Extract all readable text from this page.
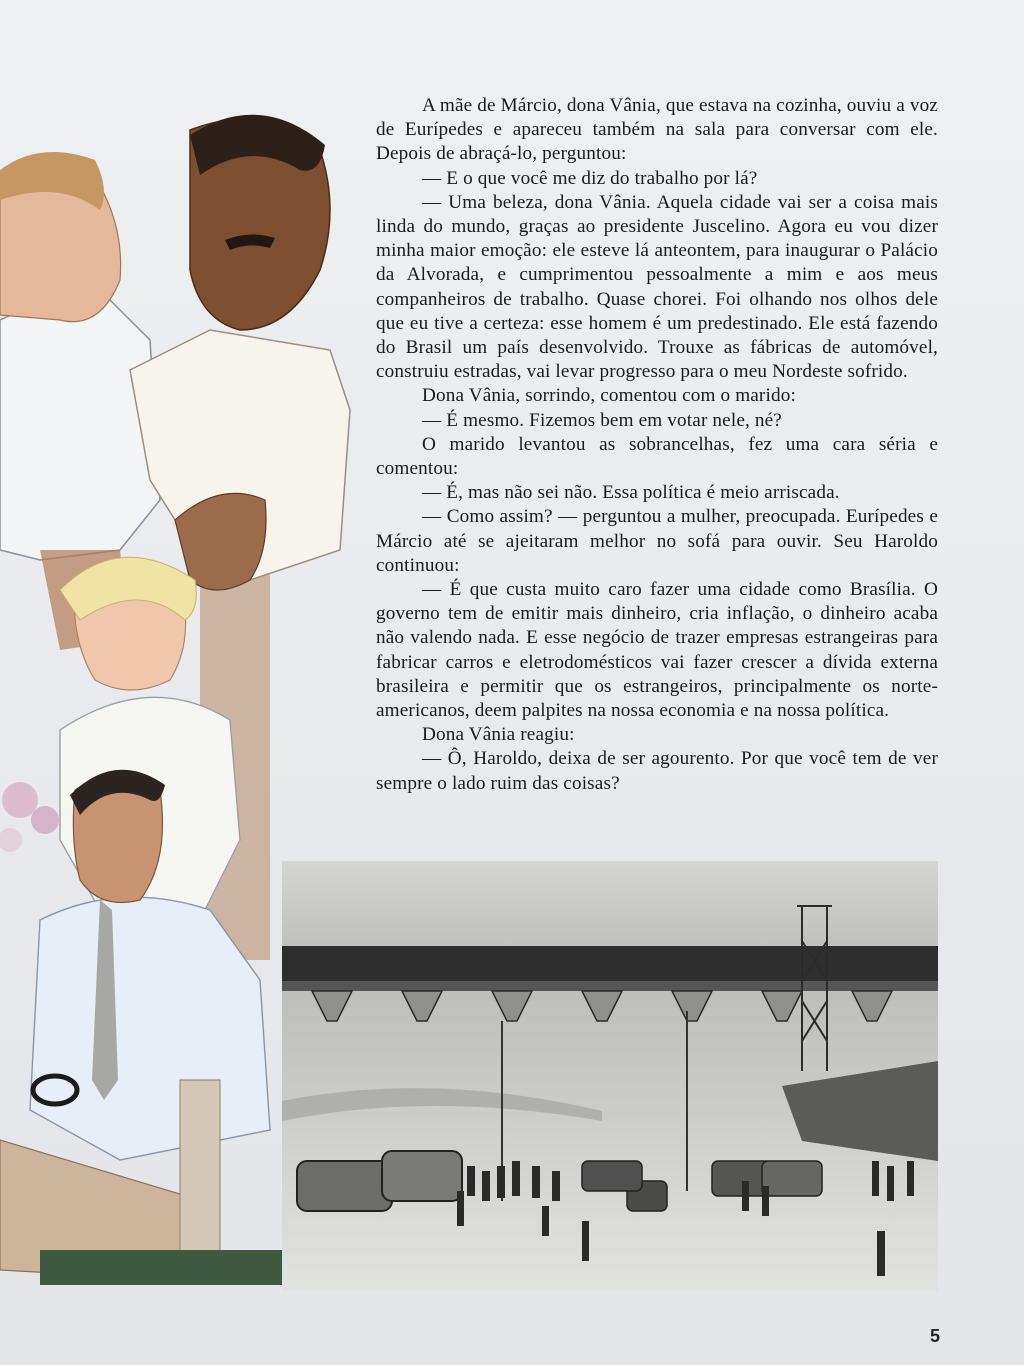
A mãe de Márcio, dona Vânia, que estava na cozinha, ouviu a voz de Eurípedes e apareceu também na sala para conversar com ele. Depois de abraçá-lo, perguntou:

— E o que você me diz do trabalho por lá?

— Uma beleza, dona Vânia. Aquela cidade vai ser a coisa mais linda do mundo, graças ao presidente Juscelino. Agora eu vou dizer minha maior emoção: ele esteve lá anteontem, para inaugurar o Palácio da Alvorada, e cumprimentou pessoalmente a mim e aos meus companheiros de trabalho. Quase chorei. Foi olhando nos olhos dele que eu tive a certeza: esse homem é um predestinado. Ele está fazendo do Brasil um país desenvolvido. Trouxe as fábricas de automóvel, construiu estradas, vai levar progresso para o meu Nordeste sofrido.

Dona Vânia, sorrindo, comentou com o marido:

— É mesmo. Fizemos bem em votar nele, né?

O marido levantou as sobrancelhas, fez uma cara séria e comentou:

— É, mas não sei não. Essa política é meio arriscada.

— Como assim? — perguntou a mulher, preocupada. Eurípedes e Márcio até se ajeitaram melhor no sofá para ouvir. Seu Haroldo continuou:

— É que custa muito caro fazer uma cidade como Brasília. O governo tem de emitir mais dinheiro, cria inflação, o dinheiro acaba não valendo nada. E esse negócio de trazer empresas estrangeiras para fabricar carros e eletrodomésticos vai fazer crescer a dívida externa brasileira e permitir que os estrangeiros, principalmente os norte-americanos, deem palpites na nossa economia e na nossa política.

Dona Vânia reagiu:

— Ô, Haroldo, deixa de ser agourento. Por que você tem de ver sempre o lado ruim das coisas?

5
